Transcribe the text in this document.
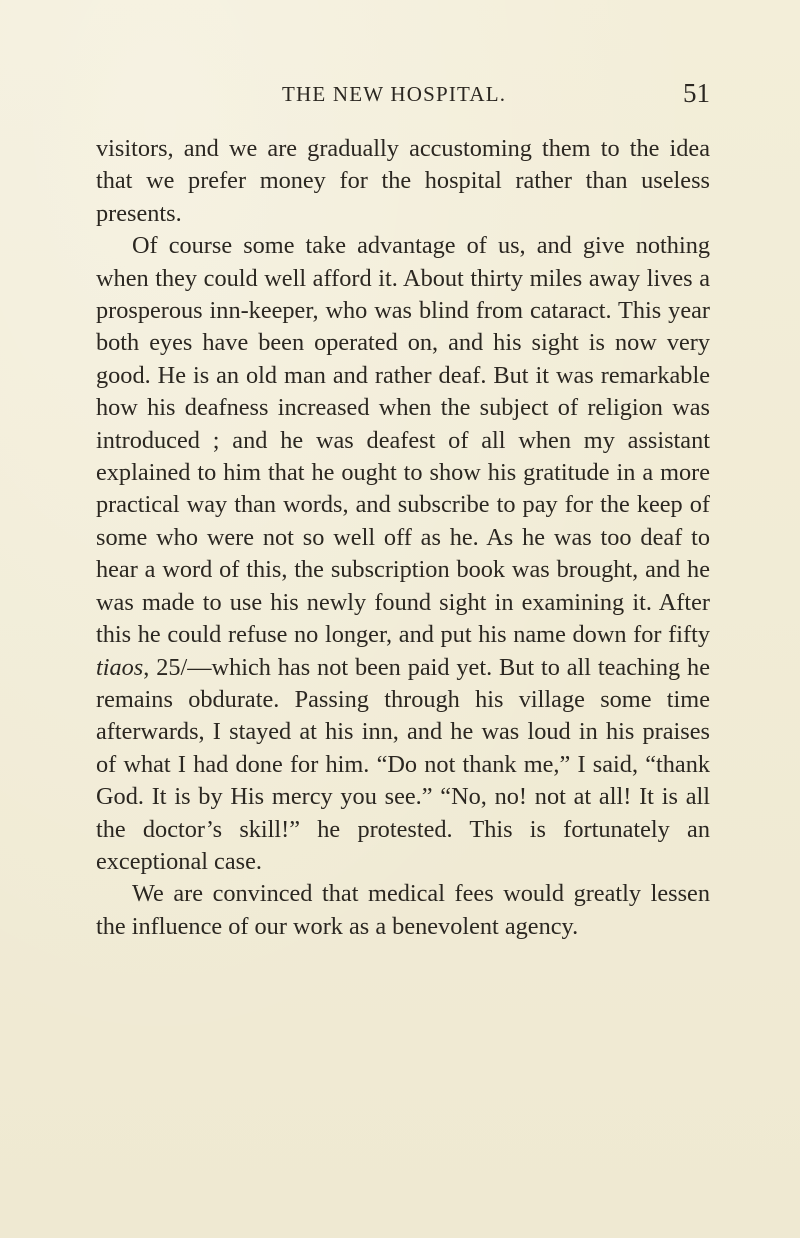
THE NEW HOSPITAL.	51

visitors, and we are gradually accustoming them to the idea that we prefer money for the hospital rather than useless presents.

Of course some take advantage of us, and give nothing when they could well afford it. About thirty miles away lives a prosperous inn-keeper, who was blind from cataract. This year both eyes have been operated on, and his sight is now very good. He is an old man and rather deaf. But it was remarkable how his deafness increased when the subject of religion was introduced ; and he was deafest of all when my assistant explained to him that he ought to show his gratitude in a more practical way than words, and subscribe to pay for the keep of some who were not so well off as he. As he was too deaf to hear a word of this, the subscription book was brought, and he was made to use his newly found sight in examining it. After this he could refuse no longer, and put his name down for fifty tiaos, 25/—which has not been paid yet. But to all teaching he remains obdurate. Passing through his village some time afterwards, I stayed at his inn, and he was loud in his praises of what I had done for him. “Do not thank me,” I said, “thank God. It is by His mercy you see.” “No, no! not at all! It is all the doctor’s skill!” he protested. This is fortunately an exceptional case.

We are convinced that medical fees would greatly lessen the influence of our work as a benevolent agency.
